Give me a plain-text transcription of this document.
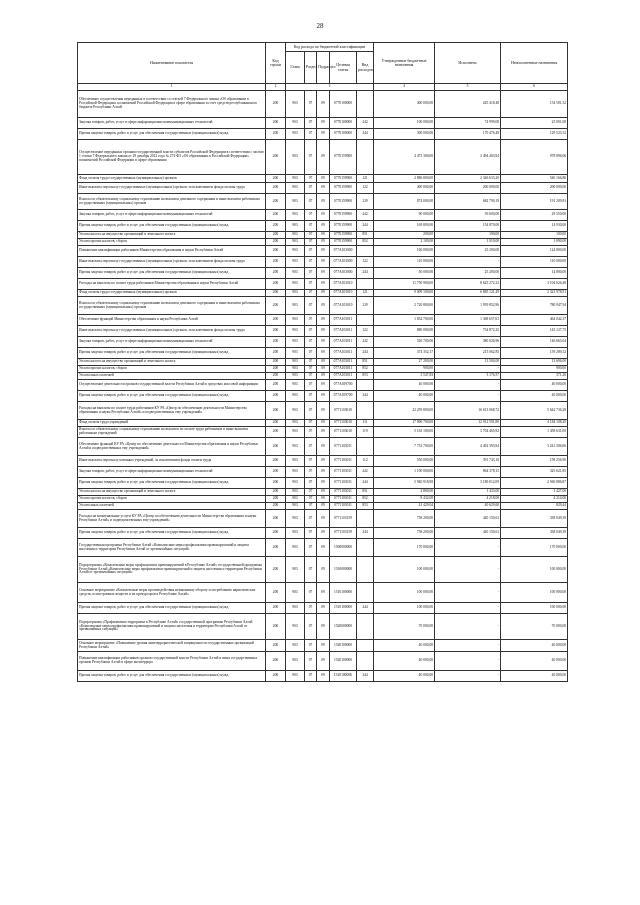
28
Наименование показателя	Код строки	Код расхода по бюджетной классификации					Утвержденные бюджетные назначения	Исполнено	Неисполненные назначения
		Глава	Раздел	Подраздел	Целевая статья	Вид расходов			
1	2	3					4	5	6
Обеспечение осуществления переданных в соответствии со статьей 7 Федерального закона «Об образовании в Российской Федерации» полномочий Российской Федерации в сфере образования за счет средств республиканского бюджета Республики Алтай	200	903	07	09	0770100000		400 000,00	245 418,48	154 581,52
Закупка товаров, работ, услуг в сфере информационно-коммуникационных технологий	200	903	07	09	0770100000	242	100 000,00	74 999,00	25 001,00
Прочая закупка товаров, работ и услуг для обеспечения государственных (муниципальных) нужд	200	903	07	09	0770100000	244	300 000,00	170 476,48	129 523,52
Осуществление переданных органам государственной власти субъектов Российской Федерации в соответствии с частью 1 статьи 7 Федерального закона от 29 декабря 2012 года № 273-ФЗ «Об образовании в Российской Федерации» полномочий Российской Федерации в сфере образования	200	903	07	09	0770159900		4 473 300,00	3 494 403,94	978 896,06
Фонд оплаты труда государственных (муниципальных) органов	200	903	07	09	0770159900	121	2 886 800,00	2 346 633,20	540 166,80
Иные выплаты персоналу государственных (муниципальных) органов, за исключением фонда оплаты труда	200	903	07	09	0770159900	122	400 000,00	200 000,00	200 000,00
Взносы по обязательному социальному страхованию на выплаты денежного содержания и иные выплаты работникам государственных (муниципальных) органов	200	903	07	09	0770159900	129	874 000,00	682 790,19	191 209,81
Закупка товаров, работ, услуг в сфере информационно-коммуникационных технологий	200	903	07	09	0770159900	242	90 000,00	39 600,00	29 550,00
Прочая закупка товаров, работ и услуг для обеспечения государственных (муниципальных) нужд	200	903	07	09	0770159900	244	169 800,00	154 870,00	14 930,00
Уплата налога на имущество организаций и земельного налога	200	903	07	09	0770159900	851	200,00	100,00	100,00
Уплата прочих налогов, сборов	200	903	07	09	0770159900	852	2 100,00	1 010,00	1 090,00
Повышение квалификации работников Министерства образования и науки Республики Алтай	200	903	07	09	077A103000		160 000,00	25 200,00	124 800,00
Иные выплаты персоналу государственных (муниципальных) органов, за исключением фонда оплаты труда	200	903	07	09	077A103000	122	110 000,00	-	110 000,00
Прочая закупка товаров, работ и услуг для обеспечения государственных (муниципальных) нужд	200	903	07	09	077A103000	244	50 000,00	25 200,00	14 800,00
Расходы на выплаты по оплате труда работников Министерства образования и науки Республики Алтай	200	903	07	09	077A103010		11 750 900,00	8 625 272,32	3 104 626,48
Фонд оплаты труда государственных (муниципальных) органов	200	903	07	09	077A103010	121	9 009 100,00	6 685 121,49	2 323 978,51
Взносы по обязательному социальному страхованию на выплаты денежного содержания и иные выплаты работникам государственных (муниципальных) органов	200	903	07	09	077A103010	129	2 720 800,00	1 939 852,96	780 947,94
Обеспечение функций Министерства образования и науки Республики Алтай	200	903	07	09	077A103011		1 832 700,00	1 368 657,63	464 042,37
Иные выплаты персоналу государственных (муниципальных) органов, за исключением фонда оплаты труда	200	903	07	09	077A103011	122	880 000,00	734 872,25	145 127,75
Закупка товаров, работ, услуг в сфере информационно-коммуникационных технологий	200	903	07	09	077A103011	242	526 700,00	380 026,96	146 663,04
Прочая закупка товаров, работ и услуг для обеспечения государственных (муниципальных) нужд	200	903	07	09	077A103011	244	374 352,17	215 062,85	159 289,32
Уплата налога на имущество организаций и земельного налога	200	903	07	09	077A103011	851	27 200,00	13 504,00	13 696,00
Уплата прочих налогов, сборов	200	903	07	09	077A103011	852	900,00	-	900,00
Уплата иных платежей	200	903	07	09	077A103011	853	3 547,83	3 176,57	371,26
Осуществление деятельности органов государственной власти Республики Алтай в средствах массовой информации	200	903	07	09	077A109700		40 000,00	-	40 000,00
Прочая закупка товаров, работ и услуг для обеспечения государственных (муниципальных) нужд	200	903	07	09	077A109700	244	40 000,00	-	40 000,00
Расходы на выплаты по оплате труда работников КУ РА «Центр по обеспечению деятельности Министерства образования и науки Республики Алтай» и подведомственных ему учреждений»	200	903	07	09	0771103010		22 259 800,00	16 613 068,72	5 642 736,28
Фонд оплаты труда учреждений	200	903	07	09	0771103010	111	17 096 700,00	12 912 591,80	4 184 108,20
Взносы по обязательному социальному страхованию на выплаты по оплате труда работников и иные выплаты работникам учреждений	200	903	07	09	0771103010	119	5 163 100,00	3 704 465,92	1 458 631,08
Обеспечение функций КУ РА «Центр по обеспечению деятельности Министерства образования и науки Республики Алтай и подведомственных ему учреждений»	200	903	07	09	0771103011		7 733 700,00	4 492 393,94	3 241 306,06
Иные выплаты персоналу казенных учреждений, за исключением фонда оплаты труда	200	903	07	09	0771103011	112	550 000,00	391 743,10	158 256,90
Закупка товаров, работ, услуг в сфере информационно-коммуникационных технологий	200	903	07	09	0771103011	242	1 190 000,00	864 378,15	325 621,85
Прочая закупка товаров, работ и услуг для обеспечения государственных (муниципальных) нужд	200	903	07	09	0771103011	244	5 940 918,98	3 180 012,09	2 560 886,87
Уплата налога на имущество организаций и земельного налога	200	903	07	09	0771103011	851	2 860,00	1 433,00	1 427,00
Уплата прочих налогов, сборов	200	903	07	09	0771103011	852	8 432,00	4 218,00	4 214,00
Уплата иных платежей	200	903	07	09	0771103011	853	41 429,04	40 629,60	829,44
Расходы на коммунальные услуги КУ РА «Центр по обеспечению деятельности Министерства образования и науки Республики Алтай» и подведомственных ему учреждений»	200	903	07	09	0771103159		758 200,00	420 150,61	338 049,39
Прочая закупка товаров, работ и услуг для обеспечения государственных (муниципальных) нужд	200	903	07	09	0771103159	244	758 200,00	420 150,61	338 049,39
Государственная программа Республики Алтай «Комплексные меры профилактики правонарушений и защиты населения и территории Республики Алтай от чрезвычайных ситуаций»	200	903	07	09	1500000000		170 000,00	-	170 000,00
Подпрограмма «Комплексные меры профилактики правонарушений в Республике Алтай» государственной программы Республики Алтай «Комплексные меры профилактики правонарушений и защиты населения и территории Республики Алтай от чрезвычайных ситуаций»	200	903	07	09	1510000000		100 000,00	-	100 000,00
Основное мероприятие «Комплексные меры противодействия незаконному обороту и потреблению наркотических средств, психотропных веществ и их прекурсоров в Республике Алтай»	200	903	07	09	1510100000		100 000,00	-	100 000,00
Прочая закупка товаров, работ и услуг для обеспечения государственных (муниципальных) нужд	200	903	07	09	1510100000	244	100 000,00	-	100 000,00
Подпрограмма «Профилактика терроризма в Республике Алтай» государственной программы Республики Алтай «Комплексные меры профилактики правонарушений и защиты населения и территории Республики Алтай от чрезвычайных ситуаций»	200	903	07	09	1520000000		70 000,00	-	70 000,00
Основное мероприятие «Повышение уровня антитеррористической защищенности государственных организаций Республики Алтай»	200	903	07	09	1520100000		40 000,00	-	40 000,00
Повышение квалификации работников органов государственной власти Республики Алтай и иных государственных органов Республики Алтай в сфере антитеррора	200	903	07	09	1520100000		40 000,00	-	40 000,00
Прочая закупка товаров, работ и услуг для обеспечения государственных (муниципальных) нужд	200	903	07	09	152010000Б	244	40 000,00	-	40 000,00
